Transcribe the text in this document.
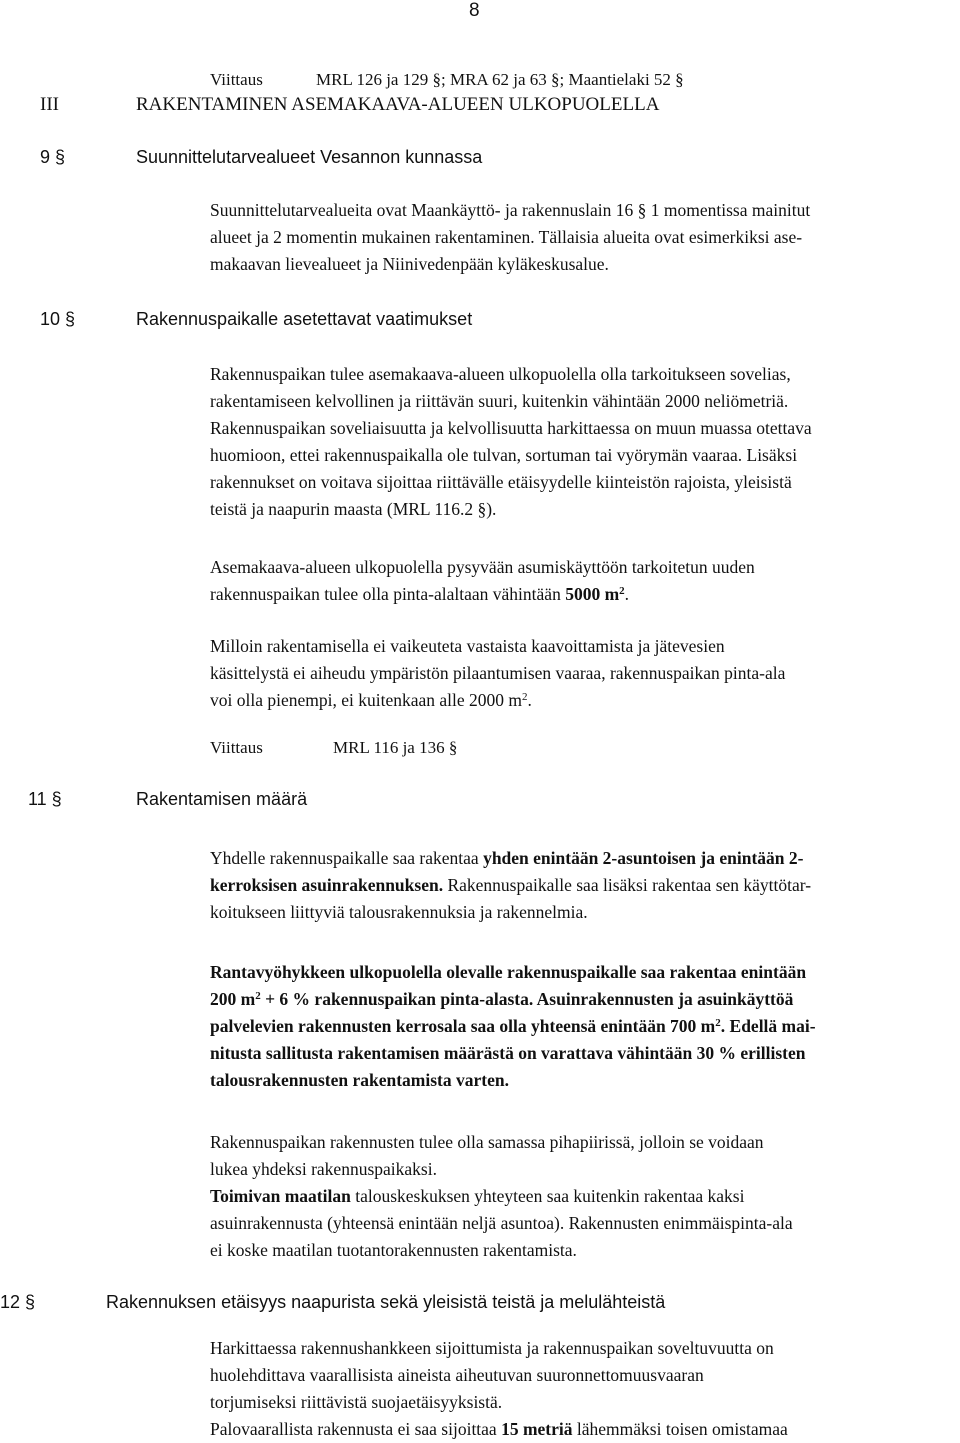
8
Viittaus	MRL 126 ja 129 §; MRA 62 ja 63 §; Maantielaki 52 §
III	RAKENTAMINEN ASEMAKAAVA-ALUEEN ULKOPUOLELLA
9 §	Suunnittelutarvealueet Vesannon kunnassa
Suunnittelutarvealueita ovat Maankäyttö- ja rakennuslain 16 § 1 momentissa mainitut
alueet ja 2 momentin mukainen rakentaminen. Tällaisia alueita ovat esimerkiksi ase-
makaavan lievealueet ja Niinivedenpään kyläkeskusalue.
10 §	Rakennuspaikalle asetettavat vaatimukset
Rakennuspaikan tulee asemakaava-alueen ulkopuolella olla tarkoitukseen sovelias,
rakentamiseen kelvollinen ja riittävän suuri, kuitenkin vähintään 2000 neliömetriä.
Rakennuspaikan soveliaisuutta ja kelvollisuutta harkittaessa on muun muassa otettava
huomioon, ettei rakennuspaikalla ole tulvan, sortuman tai vyörymän vaaraa. Lisäksi
rakennukset on voitava sijoittaa riittävälle etäisyydelle kiinteistön rajoista, yleisistä
teistä ja naapurin maasta (MRL 116.2 §).
Asemakaava-alueen ulkopuolella pysyvään asumiskäyttöön tarkoitetun uuden
rakennuspaikan tulee olla pinta-alaltaan vähintään 5000 $m^2$.
Milloin rakentamisella ei vaikeuteta vastaista kaavoittamista ja jätevesien
käsittelystä ei aiheudu ympäristön pilaantumisen vaaraa, rakennuspaikan pinta-ala
voi olla pienempi, ei kuitenkaan alle 2000 $m^2$.
Viittaus	MRL 116 ja 136 §
11 §	Rakentamisen määrä
Yhdelle rakennuspaikalle saa rakentaa yhden enintään 2-asuntoisen ja enintään 2-
kerroksisen asuinrakennuksen. Rakennuspaikalle saa lisäksi rakentaa sen käyttötar-
koitukseen liittyviä talousrakennuksia ja rakennelmia.
Rantavyöhykkeen ulkopuolella olevalle rakennuspaikalle saa rakentaa enintään
200 $m^2 + 6$ % rakennuspaikan pinta-alasta. Asuinrakennusten ja asuinkäyttöä
palvelevien rakennusten kerrosala saa olla yhteensä enintään 700 $m^2$. Edellä mai-
nitusta sallitusta rakentamisen määrästä on varattava vähintään 30 % erillisten
talousrakennusten rakentamista varten.
Rakennuspaikan rakennusten tulee olla samassa pihapiirissä, jolloin se voidaan
lukea yhdeksi rakennuspaikaksi.
Toimivan maatilan talouskeskuksen yhteyteen saa kuitenkin rakentaa kaksi
asuinrakennusta (yhteensä enintään neljä asuntoa). Rakennusten enimmäispinta-ala
ei koske maatilan tuotantorakennusten rakentamista.
12 §	Rakennuksen etäisyys naapurista sekä yleisistä teistä ja melulähteistä
Harkittaessa rakennushankkeen sijoittumista ja rakennuspaikan soveltuvuutta on
huolehdittava vaarallisista aineista aiheutuvan suuronnettomuusvaaran
torjumiseksi riittävistä suojaetäisyyksistä.
Palovaarallista rakennusta ei saa sijoittaa 15 metriä lähemmäksi toisen omistamaa
